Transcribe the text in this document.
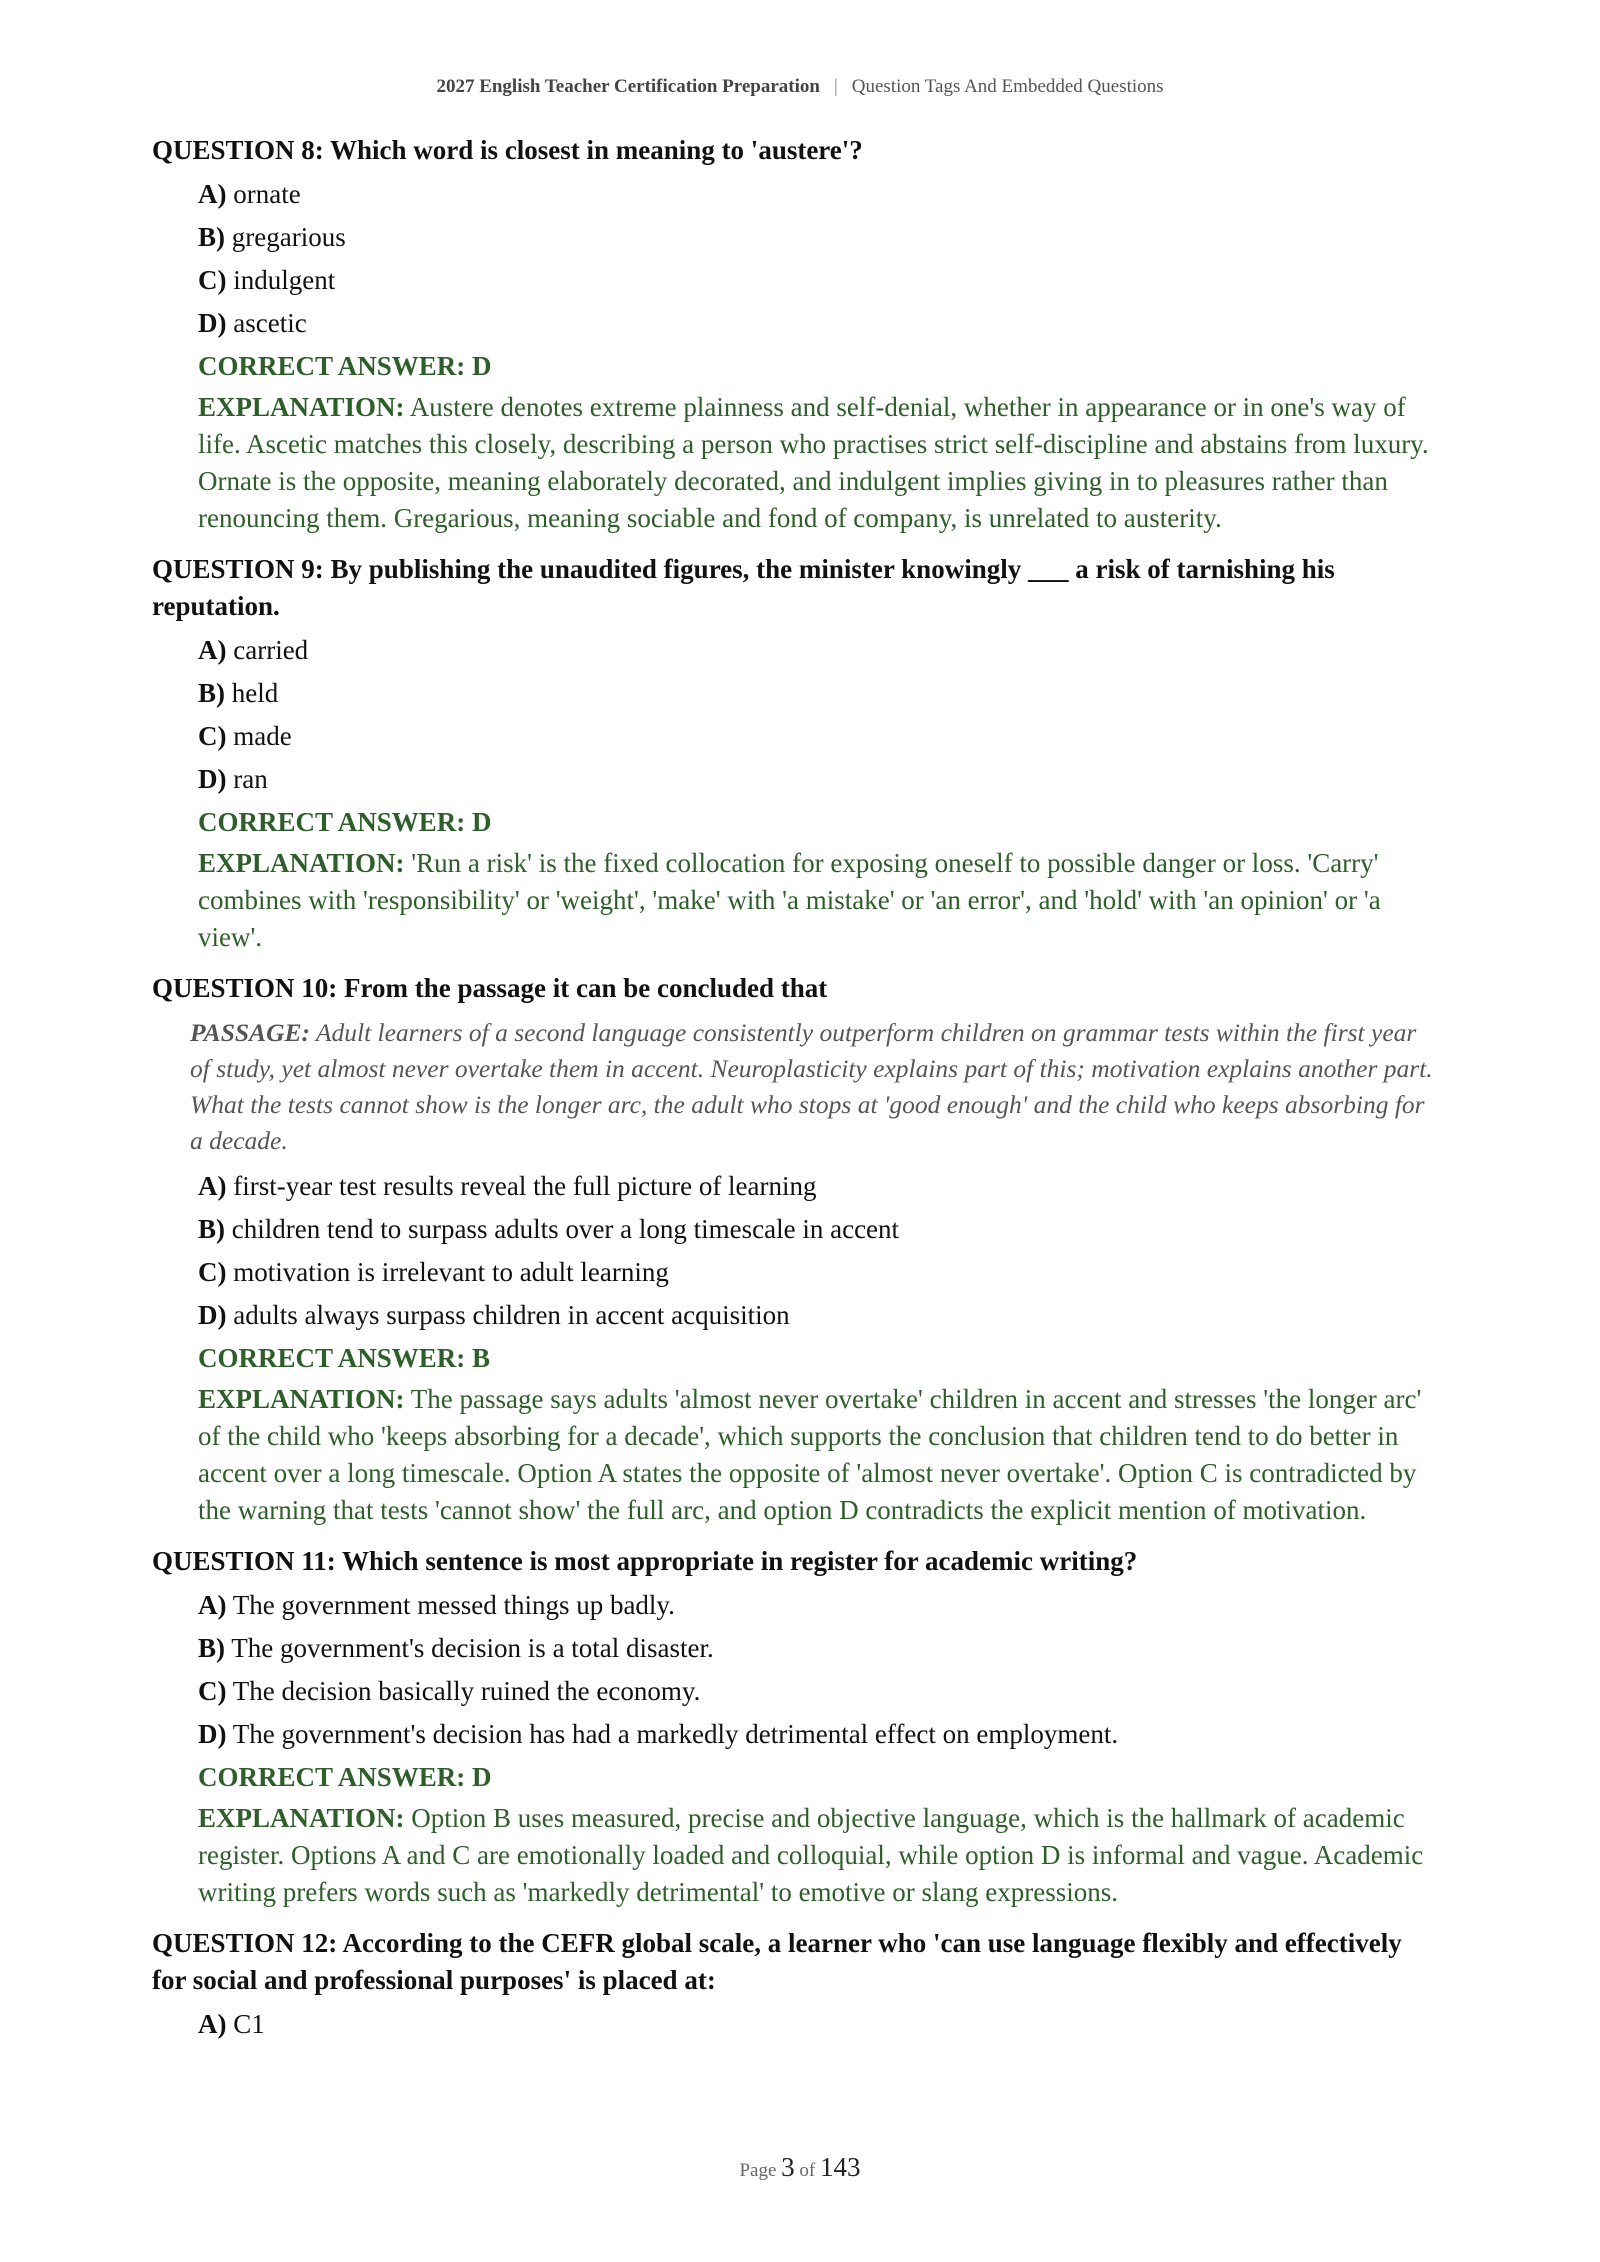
2027 English Teacher Certification Preparation | Question Tags And Embedded Questions
QUESTION 8: Which word is closest in meaning to 'austere'?
A) ornate
B) gregarious
C) indulgent
D) ascetic
CORRECT ANSWER: D
EXPLANATION: Austere denotes extreme plainness and self-denial, whether in appearance or in one's way of life. Ascetic matches this closely, describing a person who practises strict self-discipline and abstains from luxury. Ornate is the opposite, meaning elaborately decorated, and indulgent implies giving in to pleasures rather than renouncing them. Gregarious, meaning sociable and fond of company, is unrelated to austerity.
QUESTION 9: By publishing the unaudited figures, the minister knowingly ___ a risk of tarnishing his reputation.
A) carried
B) held
C) made
D) ran
CORRECT ANSWER: D
EXPLANATION: 'Run a risk' is the fixed collocation for exposing oneself to possible danger or loss. 'Carry' combines with 'responsibility' or 'weight', 'make' with 'a mistake' or 'an error', and 'hold' with 'an opinion' or 'a view'.
QUESTION 10: From the passage it can be concluded that
PASSAGE: Adult learners of a second language consistently outperform children on grammar tests within the first year of study, yet almost never overtake them in accent. Neuroplasticity explains part of this; motivation explains another part. What the tests cannot show is the longer arc, the adult who stops at 'good enough' and the child who keeps absorbing for a decade.
A) first-year test results reveal the full picture of learning
B) children tend to surpass adults over a long timescale in accent
C) motivation is irrelevant to adult learning
D) adults always surpass children in accent acquisition
CORRECT ANSWER: B
EXPLANATION: The passage says adults 'almost never overtake' children in accent and stresses 'the longer arc' of the child who 'keeps absorbing for a decade', which supports the conclusion that children tend to do better in accent over a long timescale. Option A states the opposite of 'almost never overtake'. Option C is contradicted by the warning that tests 'cannot show' the full arc, and option D contradicts the explicit mention of motivation.
QUESTION 11: Which sentence is most appropriate in register for academic writing?
A) The government messed things up badly.
B) The government's decision is a total disaster.
C) The decision basically ruined the economy.
D) The government's decision has had a markedly detrimental effect on employment.
CORRECT ANSWER: D
EXPLANATION: Option B uses measured, precise and objective language, which is the hallmark of academic register. Options A and C are emotionally loaded and colloquial, while option D is informal and vague. Academic writing prefers words such as 'markedly detrimental' to emotive or slang expressions.
QUESTION 12: According to the CEFR global scale, a learner who 'can use language flexibly and effectively for social and professional purposes' is placed at:
A) C1
Page 3 of 143
